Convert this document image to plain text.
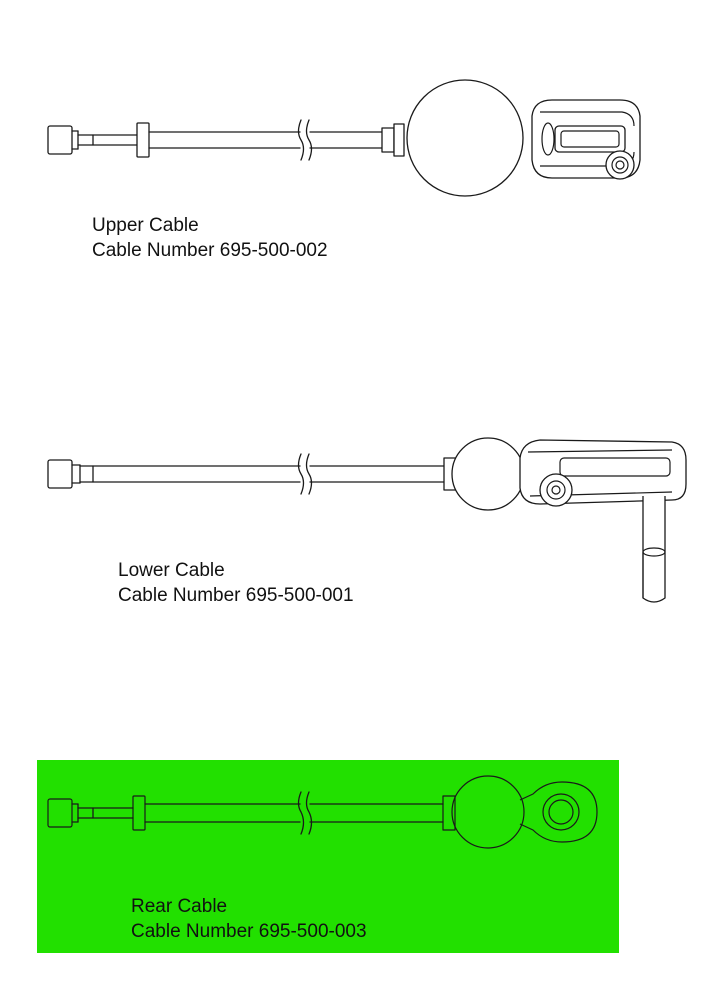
Upper Cable
Cable Number 695-500-002
Lower Cable
Cable Number 695-500-001
Rear Cable
Cable Number 695-500-003
